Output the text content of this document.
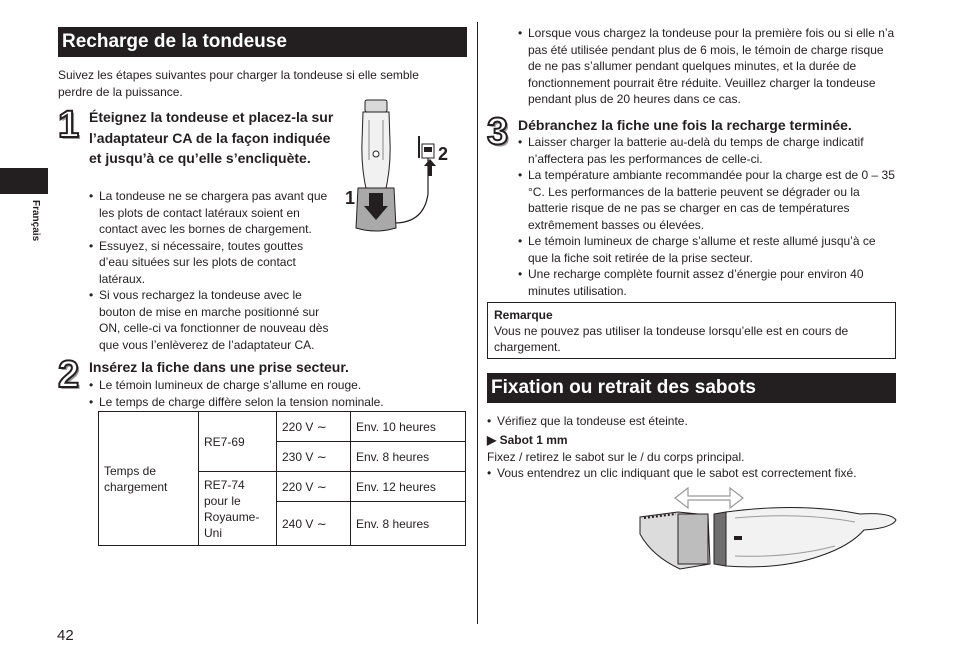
Français
Recharge de la tondeuse
Suivez les étapes suivantes pour charger la tondeuse si elle semble perdre de la puissance.
1 Éteignez la tondeuse et placez-la sur l’adaptateur CA de la façon indiquée et jusqu’à ce qu’elle s’encliquète.
• La tondeuse ne se chargera pas avant que les plots de contact latéraux soient en contact avec les bornes de chargement.
• Essuyez, si nécessaire, toutes gouttes d’eau situées sur les plots de contact latéraux.
• Si vous rechargez la tondeuse avec le bouton de mise en marche positionné sur ON, celle-ci va fonctionner de nouveau dès que vous l’enlèverez de l’adaptateur CA.
1
2
2 Insérez la fiche dans une prise secteur.
• Le témoin lumineux de charge s’allume en rouge.
• Le temps de charge diffère selon la tension nominale.
Temps de chargement	RE7-69	220 V ∼	Env. 10 heures
		230 V ∼	Env. 8 heures
	RE7-74 pour le Royaume-Uni	220 V ∼	Env. 12 heures
		240 V ∼	Env. 8 heures
42
• Lorsque vous chargez la tondeuse pour la première fois ou si elle n’a pas été utilisée pendant plus de 6 mois, le témoin de charge risque de ne pas s’allumer pendant quelques minutes, et la durée de fonctionnement pourrait être réduite. Veuillez charger la tondeuse pendant plus de 20 heures dans ce cas.
3 Débranchez la fiche une fois la recharge terminée.
• Laisser charger la batterie au-delà du temps de charge indicatif n’affectera pas les performances de celle-ci.
• La température ambiante recommandée pour la charge est de 0 – 35 °C. Les performances de la batterie peuvent se dégrader ou la batterie risque de ne pas se charger en cas de températures extrêmement basses ou élevées.
• Le témoin lumineux de charge s’allume et reste allumé jusqu’à ce que la fiche soit retirée de la prise secteur.
• Une recharge complète fournit assez d’énergie pour environ 40 minutes utilisation.
Remarque
Vous ne pouvez pas utiliser la tondeuse lorsqu’elle est en cours de chargement.
Fixation ou retrait des sabots
• Vérifiez que la tondeuse est éteinte.
▶ Sabot 1 mm
Fixez / retirez le sabot sur le / du corps principal.
• Vous entendrez un clic indiquant que le sabot est correctement fixé.
